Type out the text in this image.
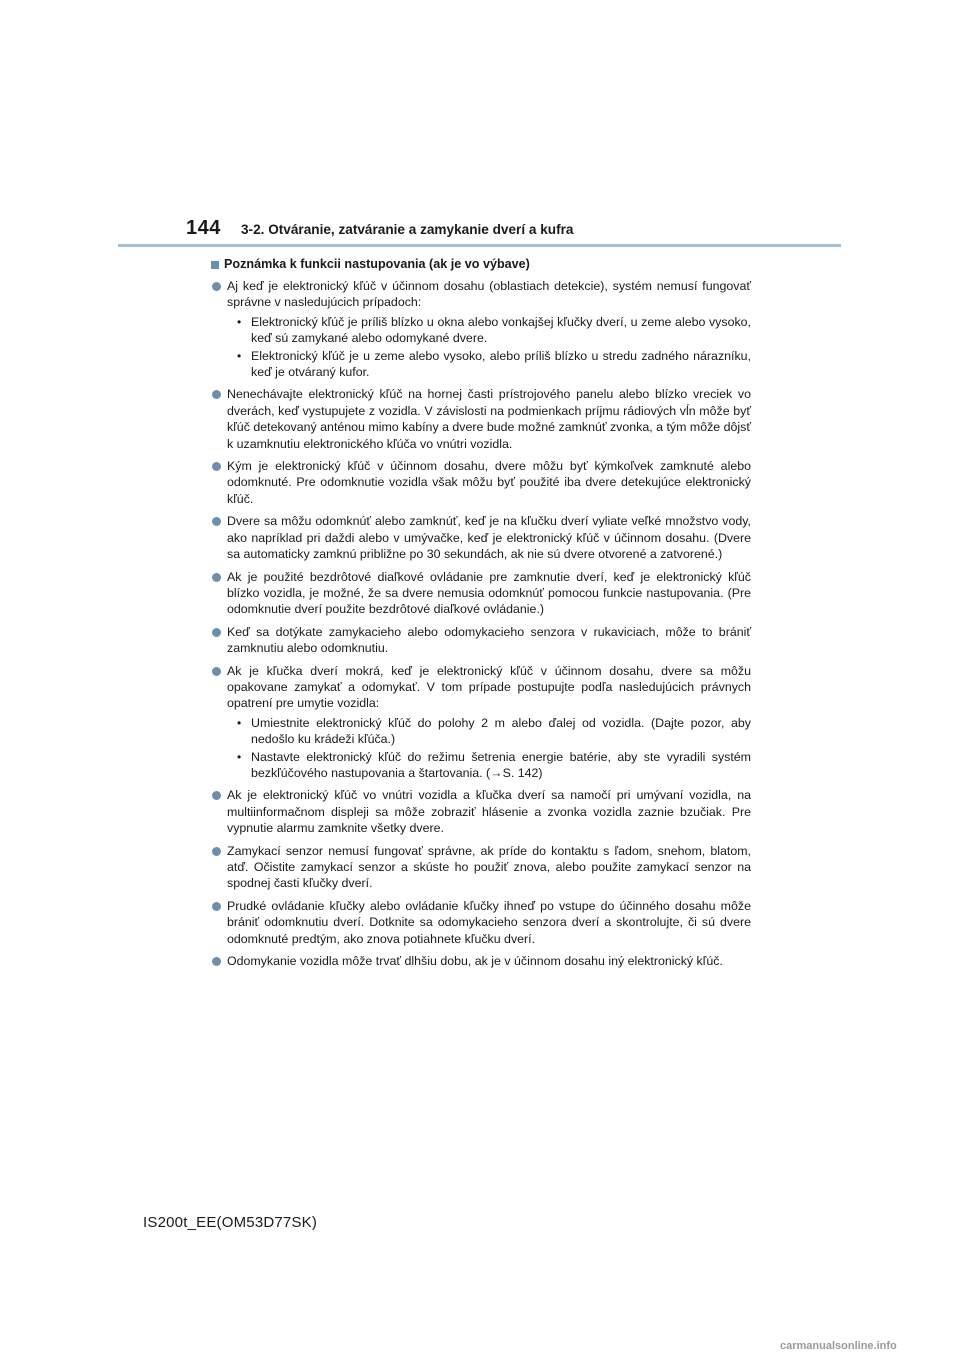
144 3-2. Otváranie, zatváranie a zamykanie dverí a kufra
Poznámka k funkcii nastupovania (ak je vo výbave)
Aj keď je elektronický kľúč v účinnom dosahu (oblastiach detekcie), systém nemusí fungovať správne v nasledujúcich prípadoch:
• Elektronický kľúč je príliš blízko u okna alebo vonkajšej kľučky dverí, u zeme alebo vysoko, keď sú zamykané alebo odomykané dvere.
• Elektronický kľúč je u zeme alebo vysoko, alebo príliš blízko u stredu zadného nárazníku, keď je otváraný kufor.
Nenechávajte elektronický kľúč na hornej časti prístrojového panelu alebo blízko vreciek vo dverách, keď vystupujete z vozidla. V závislosti na podmienkach príjmu rádiových vĺn môže byť kľúč detekovaný anténou mimo kabíny a dvere bude možné zamknúť zvonka, a tým môže dôjsť k uzamknutiu elektronického kľúča vo vnútri vozidla.
Kým je elektronický kľúč v účinnom dosahu, dvere môžu byť kýmkoľvek zamknuté alebo odomknuté. Pre odomknutie vozidla však môžu byť použité iba dvere detekujúce elektronický kľúč.
Dvere sa môžu odomknúť alebo zamknúť, keď je na kľučku dverí vyliate veľké množstvo vody, ako napríklad pri daždi alebo v umývačke, keď je elektronický kľúč v účinnom dosahu. (Dvere sa automaticky zamknú približne po 30 sekundách, ak nie sú dvere otvorené a zatvorené.)
Ak je použité bezdrôtové diaľkové ovládanie pre zamknutie dverí, keď je elektronický kľúč blízko vozidla, je možné, že sa dvere nemusia odomknúť pomocou funkcie nastupovania. (Pre odomknutie dverí použite bezdrôtové diaľkové ovládanie.)
Keď sa dotýkate zamykacieho alebo odomykacieho senzora v rukaviciach, môže to brániť zamknutiu alebo odomknutiu.
Ak je kľučka dverí mokrá, keď je elektronický kľúč v účinnom dosahu, dvere sa môžu opakovane zamykať a odomykať. V tom prípade postupujte podľa nasledujúcich právnych opatrení pre umytie vozidla:
• Umiestnite elektronický kľúč do polohy 2 m alebo ďalej od vozidla. (Dajte pozor, aby nedošlo ku krádeži kľúča.)
• Nastavte elektronický kľúč do režimu šetrenia energie batérie, aby ste vyradili systém bezkľúčového nastupovania a štartovania. (→S. 142)
Ak je elektronický kľúč vo vnútri vozidla a kľučka dverí sa namočí pri umývaní vozidla, na multiinformačnom displeji sa môže zobraziť hlásenie a zvonka vozidla zaznie bzučiak. Pre vypnutie alarmu zamknite všetky dvere.
Zamykací senzor nemusí fungovať správne, ak príde do kontaktu s ľadom, snehom, blatom, atď. Očistite zamykací senzor a skúste ho použiť znova, alebo použite zamykací senzor na spodnej časti kľučky dverí.
Prudké ovládanie kľučky alebo ovládanie kľučky ihneď po vstupe do účinného dosahu môže brániť odomknutiu dverí. Dotknite sa odomykacieho senzora dverí a skontrolujte, či sú dvere odomknuté predtým, ako znova potiahnete kľučku dverí.
Odomykanie vozidla môže trvať dlhšiu dobu, ak je v účinnom dosahu iný elektronický kľúč.
IS200t_EE(OM53D77SK)
carmanualsonline.info
